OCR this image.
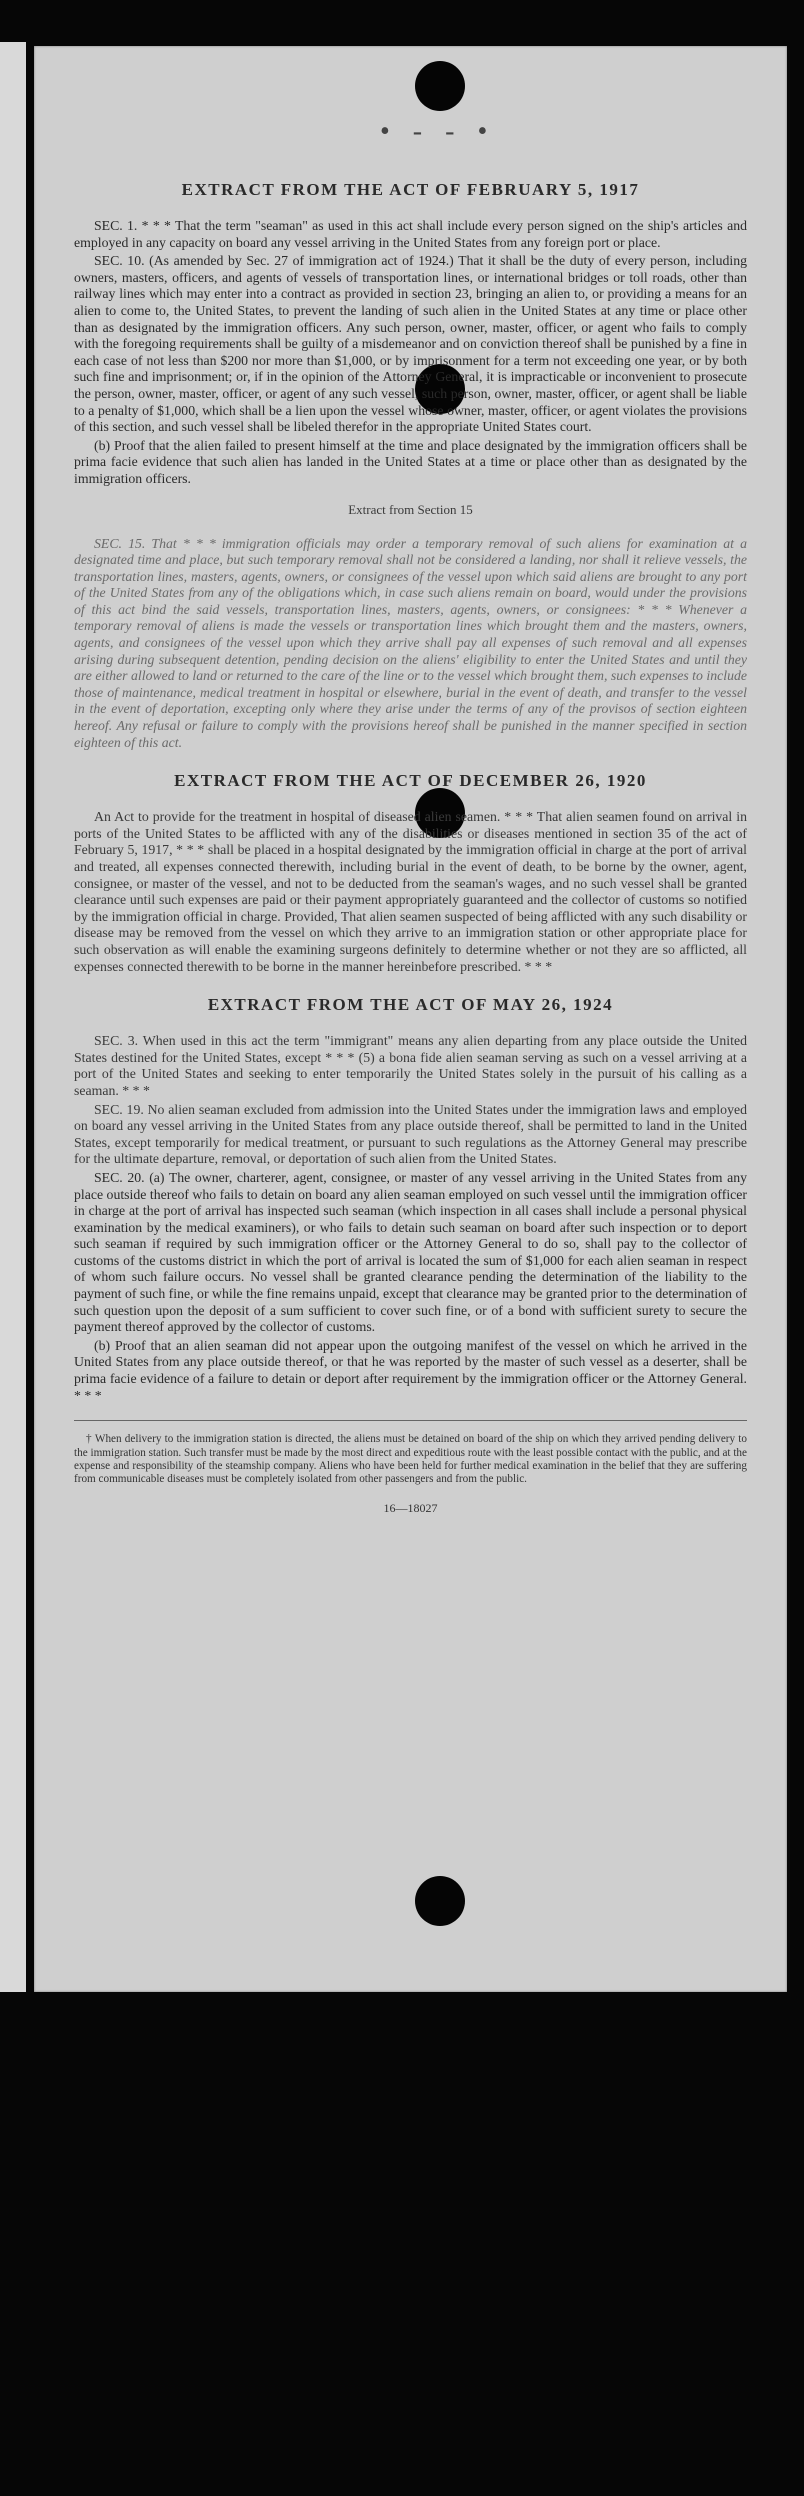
• - - •
EXTRACT FROM THE ACT OF FEBRUARY 5, 1917

SEC. 1. * * * That the term "seaman" as used in this act shall include every person signed on the ship's articles and employed in any capacity on board any vessel arriving in the United States from any foreign port or place.

SEC. 10. (As amended by Sec. 27 of immigration act of 1924.) That it shall be the duty of every person, including owners, masters, officers, and agents of vessels of transportation lines, or international bridges or toll roads, other than railway lines which may enter into a contract as provided in section 23, bringing an alien to, or providing a means for an alien to come to, the United States, to prevent the landing of such alien in the United States at any time or place other than as designated by the immigration officers. Any such person, owner, master, officer, or agent who fails to comply with the foregoing requirements shall be guilty of a misdemeanor and on conviction thereof shall be punished by a fine in each case of not less than $200 nor more than $1,000, or by imprisonment for a term not exceeding one year, or by both such fine and imprisonment; or, if in the opinion of the Attorney General, it is impracticable or inconvenient to prosecute the person, owner, master, officer, or agent of any such vessel, such person, owner, master, officer, or agent shall be liable to a penalty of $1,000, which shall be a lien upon the vessel whose owner, master, officer, or agent violates the provisions of this section, and such vessel shall be libeled therefor in the appropriate United States court.

(b) Proof that the alien failed to present himself at the time and place designated by the immigration officers shall be prima facie evidence that such alien has landed in the United States at a time or place other than as designated by the immigration officers.

Extract from Section 15

SEC. 15. That * * * immigration officials may order a temporary removal of such aliens for examination at a designated time and place, but such temporary removal shall not be considered a landing, nor shall it relieve vessels, the transportation lines, masters, agents, owners, or consignees of the vessel upon which said aliens are brought to any port of the United States from any of the obligations which, in case such aliens remain on board, would under the provisions of this act bind the said vessels, transportation lines, masters, agents, owners, or consignees: * * * Whenever a temporary removal of aliens is made the vessels or transportation lines which brought them and the masters, owners, agents, and consignees of the vessel upon which they arrive shall pay all expenses of such removal and all expenses arising during subsequent detention, pending decision on the aliens' eligibility to enter the United States and until they are either allowed to land or returned to the care of the line or to the vessel which brought them, such expenses to include those of maintenance, medical treatment in hospital or elsewhere, burial in the event of death, and transfer to the vessel in the event of deportation, excepting only where they arise under the terms of any of the provisos of section eighteen hereof. Any refusal or failure to comply with the provisions hereof shall be punished in the manner specified in section eighteen of this act.

EXTRACT FROM THE ACT OF DECEMBER 26, 1920

An Act to provide for the treatment in hospital of diseased alien seamen. * * * That alien seamen found on arrival in ports of the United States to be afflicted with any of the disabilities or diseases mentioned in section 35 of the act of February 5, 1917, * * * shall be placed in a hospital designated by the immigration official in charge at the port of arrival and treated, all expenses connected therewith, including burial in the event of death, to be borne by the owner, agent, consignee, or master of the vessel, and not to be deducted from the seaman's wages, and no such vessel shall be granted clearance until such expenses are paid or their payment appropriately guaranteed and the collector of customs so notified by the immigration official in charge. Provided, That alien seamen suspected of being afflicted with any such disability or disease may be removed from the vessel on which they arrive to an immigration station or other appropriate place for such observation as will enable the examining surgeons definitely to determine whether or not they are so afflicted, all expenses connected therewith to be borne in the manner hereinbefore prescribed. * * *

EXTRACT FROM THE ACT OF MAY 26, 1924

SEC. 3. When used in this act the term "immigrant" means any alien departing from any place outside the United States destined for the United States, except * * * (5) a bona fide alien seaman serving as such on a vessel arriving at a port of the United States and seeking to enter temporarily the United States solely in the pursuit of his calling as a seaman. * * *

SEC. 19. No alien seaman excluded from admission into the United States under the immigration laws and employed on board any vessel arriving in the United States from any place outside thereof, shall be permitted to land in the United States, except temporarily for medical treatment, or pursuant to such regulations as the Attorney General may prescribe for the ultimate departure, removal, or deportation of such alien from the United States.

SEC. 20. (a) The owner, charterer, agent, consignee, or master of any vessel arriving in the United States from any place outside thereof who fails to detain on board any alien seaman employed on such vessel until the immigration officer in charge at the port of arrival has inspected such seaman (which inspection in all cases shall include a personal physical examination by the medical examiners), or who fails to detain such seaman on board after such inspection or to deport such seaman if required by such immigration officer or the Attorney General to do so, shall pay to the collector of customs of the customs district in which the port of arrival is located the sum of $1,000 for each alien seaman in respect of whom such failure occurs. No vessel shall be granted clearance pending the determination of the liability to the payment of such fine, or while the fine remains unpaid, except that clearance may be granted prior to the determination of such question upon the deposit of a sum sufficient to cover such fine, or of a bond with sufficient surety to secure the payment thereof approved by the collector of customs.

(b) Proof that an alien seaman did not appear upon the outgoing manifest of the vessel on which he arrived in the United States from any place outside thereof, or that he was reported by the master of such vessel as a deserter, shall be prima facie evidence of a failure to detain or deport after requirement by the immigration officer or the Attorney General. * * *

† When delivery to the immigration station is directed, the aliens must be detained on board of the ship on which they arrived pending delivery to the immigration station. Such transfer must be made by the most direct and expeditious route with the least possible contact with the public, and at the expense and responsibility of the steamship company. Aliens who have been held for further medical examination in the belief that they are suffering from communicable diseases must be completely isolated from other passengers and from the public.

16—18027
